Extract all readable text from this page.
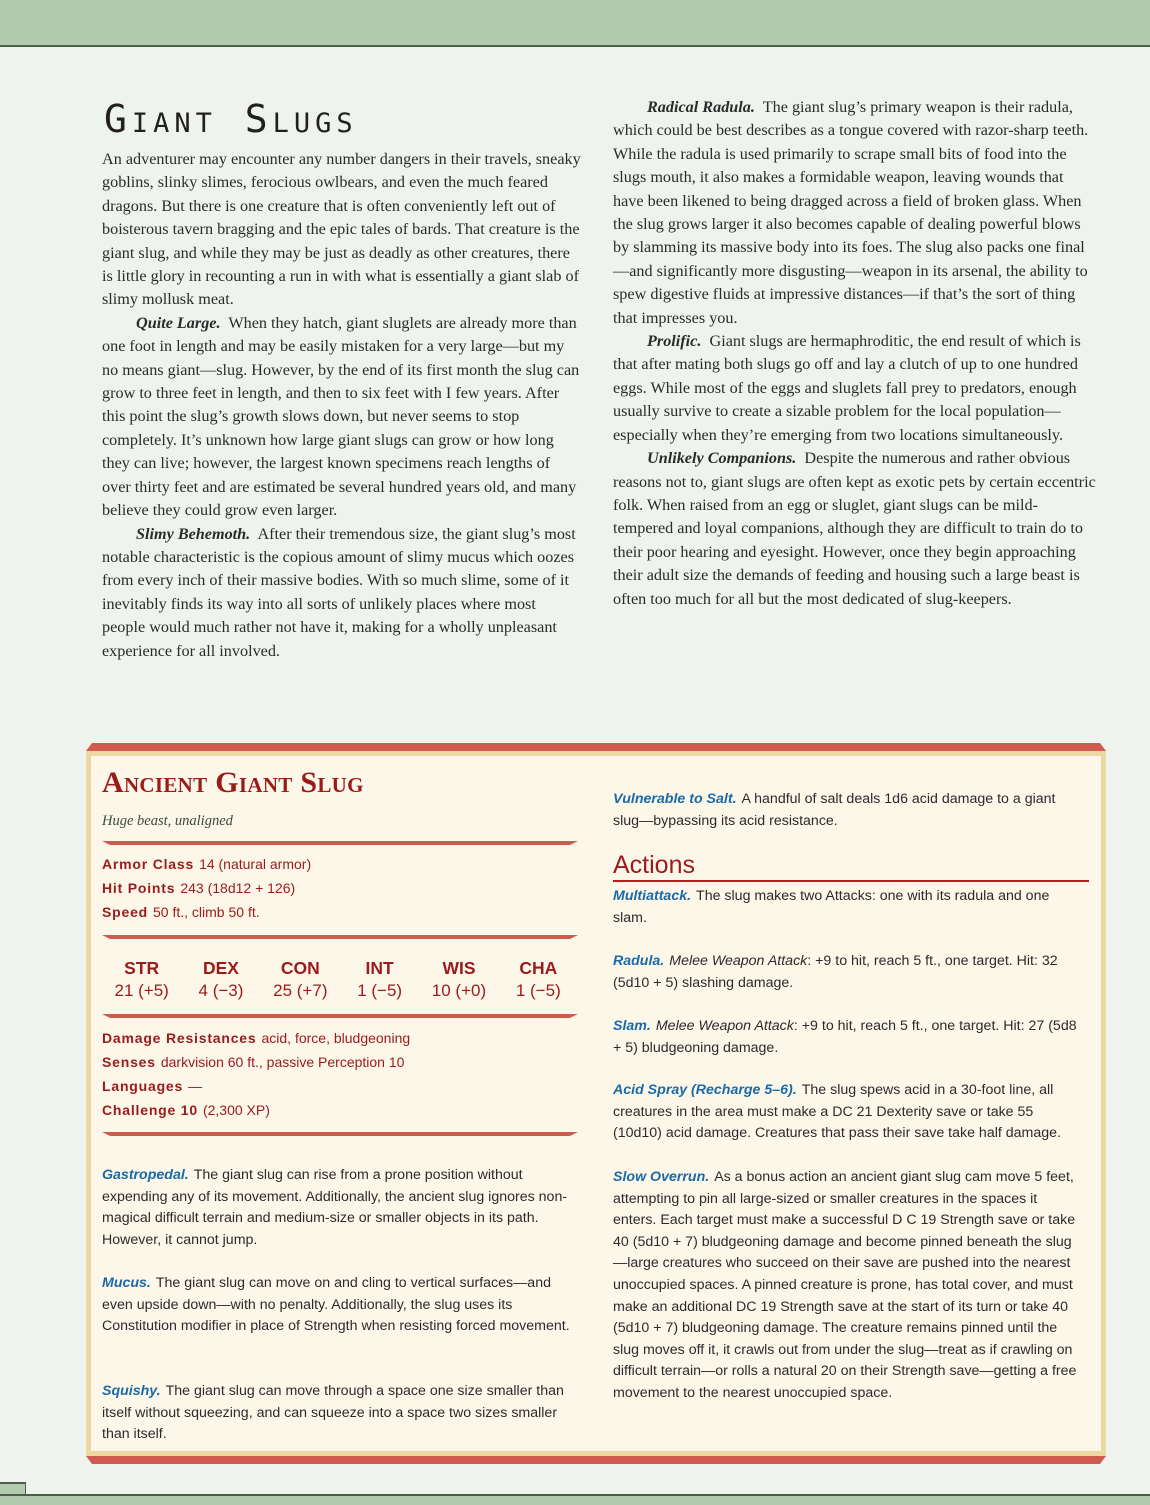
Giant Slugs

An adventurer may encounter any number dangers in their travels, sneaky goblins, slinky slimes, ferocious owlbears, and even the much feared dragons. But there is one creature that is often conveniently left out of boisterous tavern bragging and the epic tales of bards. That creature is the giant slug, and while they may be just as deadly as other creatures, there is little glory in recounting a run in with what is essentially a giant slab of slimy mollusk meat.

Quite Large. When they hatch, giant sluglets are already more than one foot in length and may be easily mistaken for a very large—but my no means giant—slug. However, by the end of its first month the slug can grow to three feet in length, and then to six feet with I few years. After this point the slug’s growth slows down, but never seems to stop completely. It’s unknown how large giant slugs can grow or how long they can live; however, the largest known specimens reach lengths of over thirty feet and are estimated be several hundred years old, and many believe they could grow even larger.

Slimy Behemoth. After their tremendous size, the giant slug’s most notable characteristic is the copious amount of slimy mucus which oozes from every inch of their massive bodies. With so much slime, some of it inevitably finds its way into all sorts of unlikely places where most people would much rather not have it, making for a wholly unpleasant experience for all involved.

Radical Radula. The giant slug’s primary weapon is their radula, which could be best describes as a tongue covered with razor-sharp teeth. While the radula is used primarily to scrape small bits of food into the slugs mouth, it also makes a formidable weapon, leaving wounds that have been likened to being dragged across a field of broken glass. When the slug grows larger it also becomes capable of dealing powerful blows by slamming its massive body into its foes. The slug also packs one final—and significantly more disgusting—weapon in its arsenal, the ability to spew digestive fluids at impressive distances—if that’s the sort of thing that impresses you.

Prolific. Giant slugs are hermaphroditic, the end result of which is that after mating both slugs go off and lay a clutch of up to one hundred eggs. While most of the eggs and sluglets fall prey to predators, enough usually survive to create a sizable problem for the local population—especially when they’re emerging from two locations simultaneously.

Unlikely Companions. Despite the numerous and rather obvious reasons not to, giant slugs are often kept as exotic pets by certain eccentric folk. When raised from an egg or sluglet, giant slugs can be mild-tempered and loyal companions, although they are difficult to train do to their poor hearing and eyesight. However, once they begin approaching their adult size the demands of feeding and housing such a large beast is often too much for all but the most dedicated of slug-keepers.

Ancient Giant Slug
Huge beast, unaligned
Armor Class 14 (natural armor)
Hit Points 243 (18d12 + 126)
Speed 50 ft., climb 50 ft.
STR
21 (+5)
DEX
4 (−3)
CON
25 (+7)
INT
1 (−5)
WIS
10 (+0)
CHA
1 (−5)
Damage Resistances acid, force, bludgeoning
Senses darkvision 60 ft., passive Perception 10
Languages —
Challenge 10 (2,300 XP)
Gastropedal. The giant slug can rise from a prone position without expending any of its movement. Additionally, the ancient slug ignores non-magical difficult terrain and medium-size or smaller objects in its path. However, it cannot jump.
Mucus. The giant slug can move on and cling to vertical surfaces—and even upside down—with no penalty. Additionally, the slug uses its Constitution modifier in place of Strength when resisting forced movement.
Squishy. The giant slug can move through a space one size smaller than itself without squeezing, and can squeeze into a space two sizes smaller than itself.
Vulnerable to Salt. A handful of salt deals 1d6 acid damage to a giant slug—bypassing its acid resistance.
Actions
Multiattack. The slug makes two Attacks: one with its radula and one slam.
Radula. Melee Weapon Attack: +9 to hit, reach 5 ft., one target. Hit: 32 (5d10 + 5) slashing damage.
Slam. Melee Weapon Attack: +9 to hit, reach 5 ft., one target. Hit: 27 (5d8 + 5) bludgeoning damage.
Acid Spray (Recharge 5–6). The slug spews acid in a 30-foot line, all creatures in the area must make a DC 21 Dexterity save or take 55 (10d10) acid damage. Creatures that pass their save take half damage.
Slow Overrun. As a bonus action an ancient giant slug cam move 5 feet, attempting to pin all large-sized or smaller creatures in the spaces it enters. Each target must make a successful D C 19 Strength save or take 40 (5d10 + 7) bludgeoning damage and become pinned beneath the slug—large creatures who succeed on their save are pushed into the nearest unoccupied spaces. A pinned creature is prone, has total cover, and must make an additional DC 19 Strength save at the start of its turn or take 40 (5d10 + 7) bludgeoning damage. The creature remains pinned until the slug moves off it, it crawls out from under the slug—treat as if crawling on difficult terrain—or rolls a natural 20 on their Strength save—getting a free movement to the nearest unoccupied space.
